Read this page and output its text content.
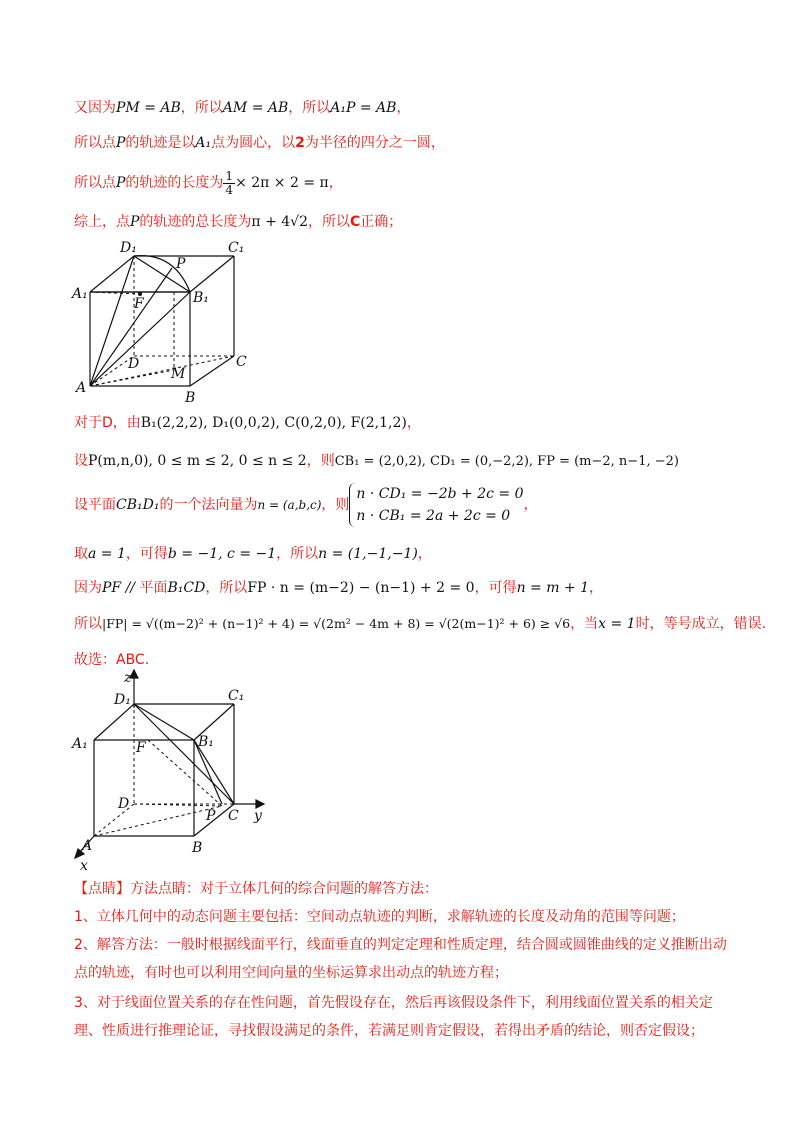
又因为PM = AB，所以AM = AB，所以A₁P = AB，
所以点P的轨迹是以A₁点为圆心，以2为半径的四分之一圆，
所以点P的轨迹的长度为 $\frac{1}{4} \times 2\pi \times 2 = \pi$，
综上，点P的轨迹的总长度为π + 4√2，所以C正确；
D₁	C₁
A₁	B₁
P
F
D	C
A
B
M
对于D，由B₁(2,2,2), D₁(0,0,2), C(0,2,0), F(2,1,2)，
设P(m,n,0), 0 ≤ m ≤ 2, 0 ≤ n ≤ 2，则CB₁ = (2,0,2), CD₁ = (0,−2,2), FP = (m−2, n−1, −2)
设平面CB₁D₁的一个法向量为n = (a,b,c)，则
n · CD₁ = −2b + 2c = 0
n · CB₁ = 2a + 2c = 0
，
取a = 1，可得b = −1, c = −1，所以n = (1,−1,−1)，
因为PF // 平面B₁CD，所以FP · n = (m−2) − (n−1) + 2 = 0，可得n = m + 1，
所以|FP| = √((m−2)² + (n−1)² + 4) = √(2m² − 4m + 8) = √(2(m−1)² + 6) ≥ √6，当x = 1时，等号成立，错误.
故选：ABC.
z
y
x
D₁	C₁
A₁	B₁
F
D
P C
A	B
【点睛】方法点睛：对于立体几何的综合问题的解答方法：
1、立体几何中的动态问题主要包括：空间动点轨迹的判断，求解轨迹的长度及动角的范围等问题；
2、解答方法：一般时根据线面平行，线面垂直的判定定理和性质定理，结合圆或圆锥曲线的定义推断出动点的轨迹，有时也可以利用空间向量的坐标运算求出动点的轨迹方程；
3、对于线面位置关系的存在性问题，首先假设存在，然后再该假设条件下，利用线面位置关系的相关定理、性质进行推理论证，寻找假设满足的条件，若满足则肯定假设，若得出矛盾的结论，则否定假设；
